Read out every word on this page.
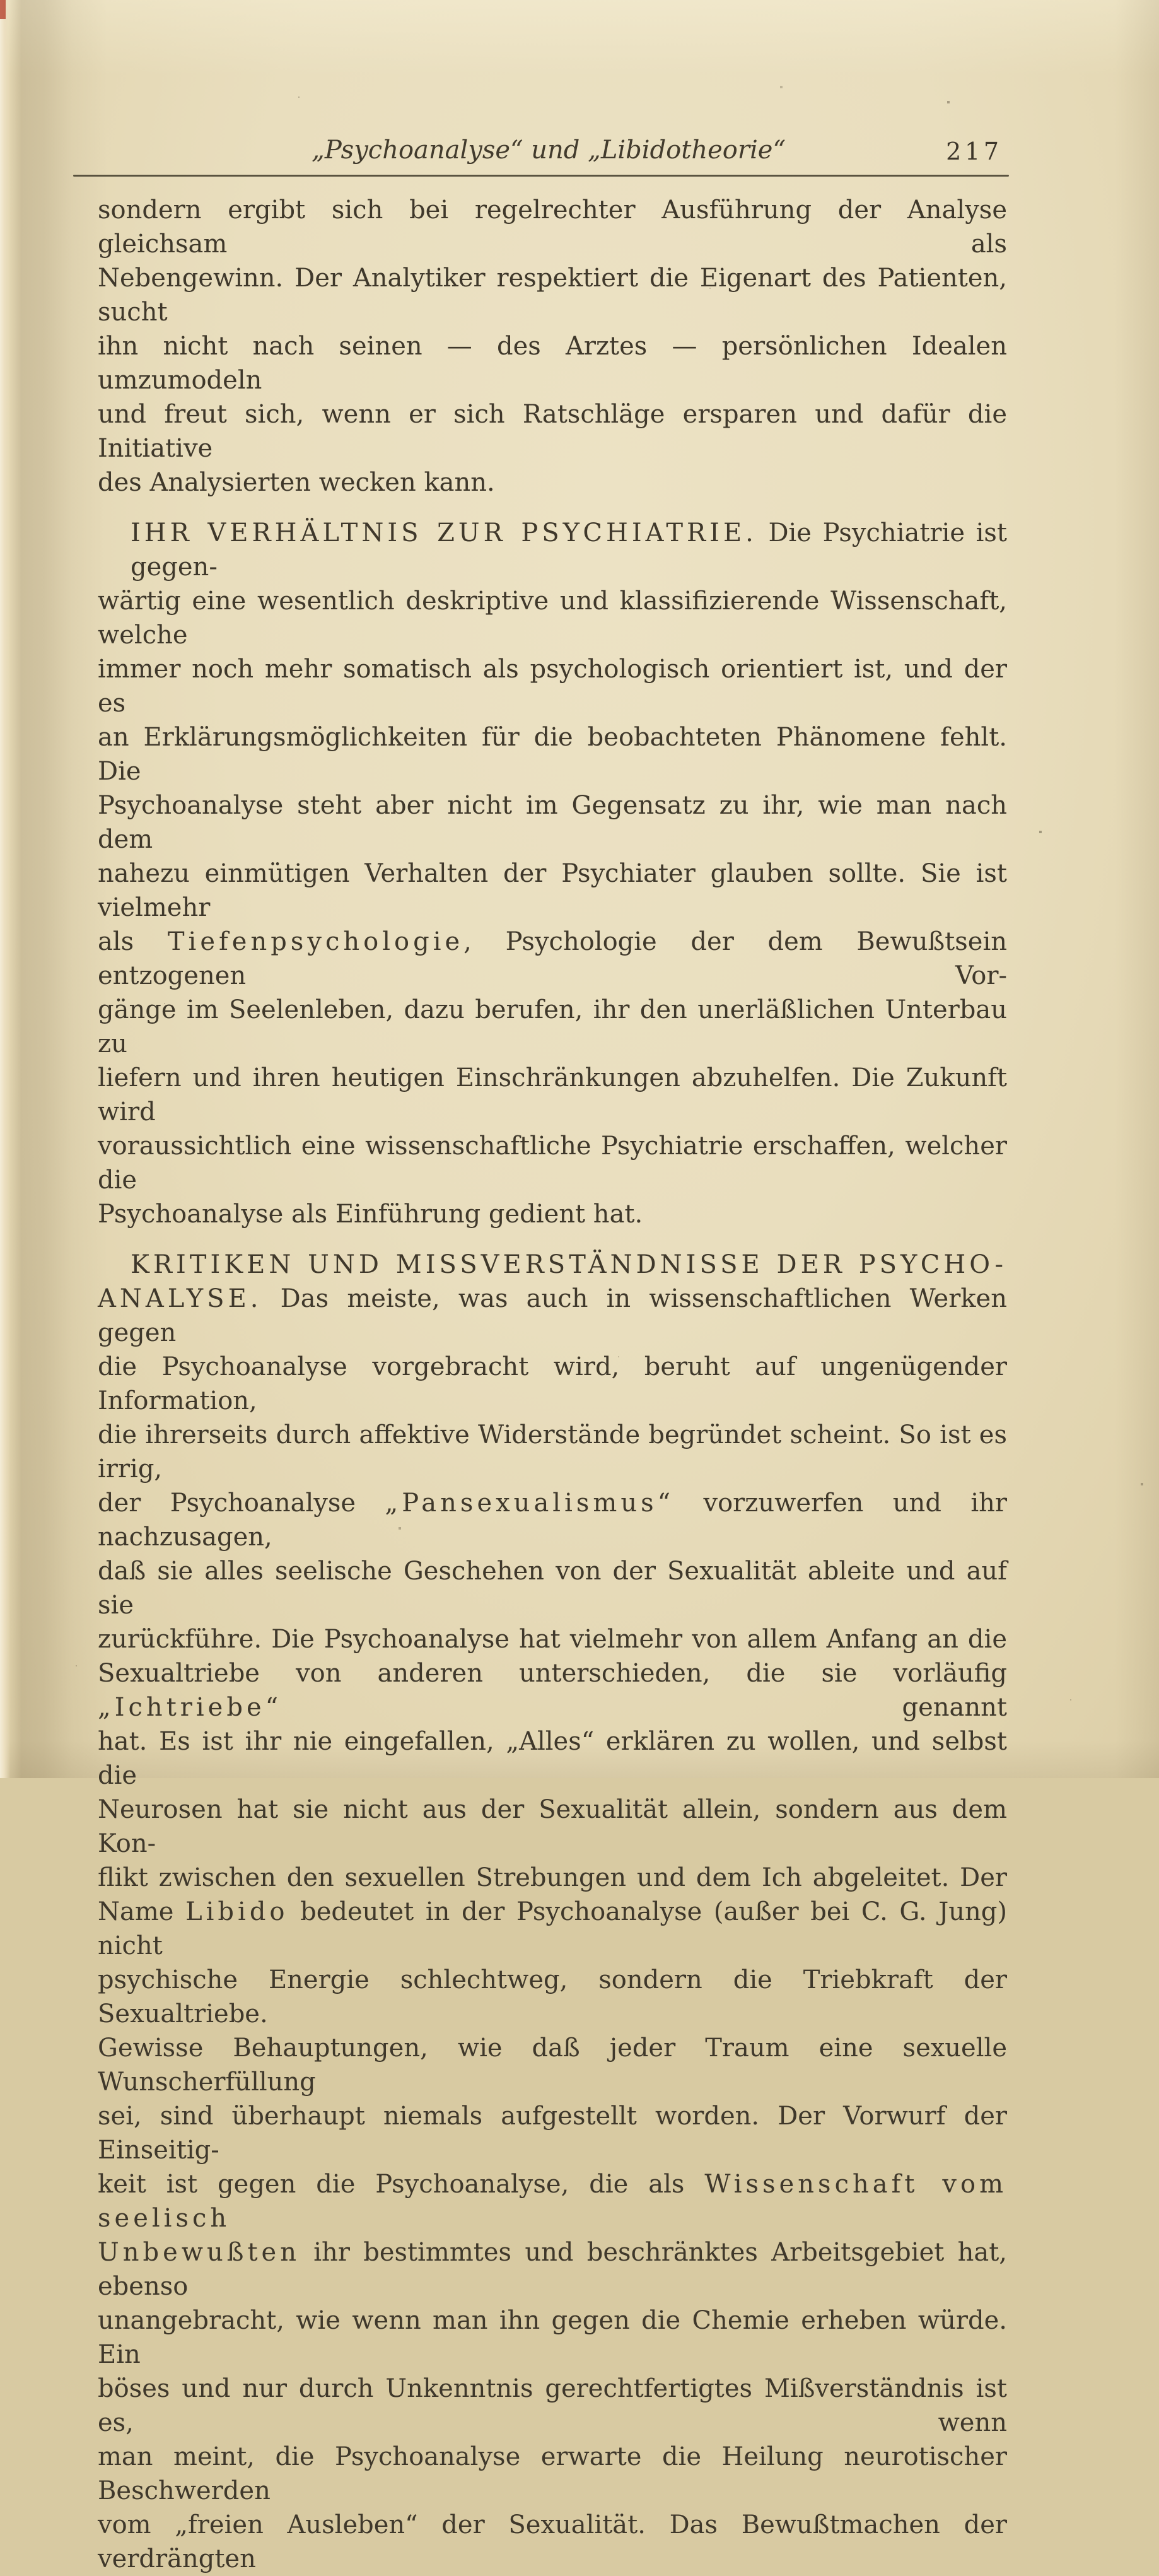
„Psychoanalyse“ und „Libidotheorie“	217
sondern ergibt sich bei regelrechter Ausführung der Analyse gleichsam als
Nebengewinn. Der Analytiker respektiert die Eigenart des Patienten, sucht
ihn nicht nach seinen — des Arztes — persönlichen Idealen umzumodeln
und freut sich, wenn er sich Ratschläge ersparen und dafür die Initiative
des Analysierten wecken kann.
IHR VERHÄLTNIS ZUR PSYCHIATRIE. Die Psychiatrie ist gegen-
wärtig eine wesentlich deskriptive und klassifizierende Wissenschaft, welche
immer noch mehr somatisch als psychologisch orientiert ist, und der es
an Erklärungsmöglichkeiten für die beobachteten Phänomene fehlt. Die
Psychoanalyse steht aber nicht im Gegensatz zu ihr, wie man nach dem
nahezu einmütigen Verhalten der Psychiater glauben sollte. Sie ist vielmehr
als Tiefenpsychologie, Psychologie der dem Bewußtsein entzogenen Vor-
gänge im Seelenleben, dazu berufen, ihr den unerläßlichen Unterbau zu
liefern und ihren heutigen Einschränkungen abzuhelfen. Die Zukunft wird
voraussichtlich eine wissenschaftliche Psychiatrie erschaffen, welcher die
Psychoanalyse als Einführung gedient hat.
KRITIKEN UND MISSVERSTÄNDNISSE DER PSYCHO-
ANALYSE. Das meiste, was auch in wissenschaftlichen Werken gegen
die Psychoanalyse vorgebracht wird, beruht auf ungenügender Information,
die ihrerseits durch affektive Widerstände begründet scheint. So ist es irrig,
der Psychoanalyse „Pansexualismus“ vorzuwerfen und ihr nachzusagen,
daß sie alles seelische Geschehen von der Sexualität ableite und auf sie
zurückführe. Die Psychoanalyse hat vielmehr von allem Anfang an die
Sexualtriebe von anderen unterschieden, die sie vorläufig „Ichtriebe“ genannt
hat. Es ist ihr nie eingefallen, „Alles“ erklären zu wollen, und selbst die
Neurosen hat sie nicht aus der Sexualität allein, sondern aus dem Kon-
flikt zwischen den sexuellen Strebungen und dem Ich abgeleitet. Der
Name Libido bedeutet in der Psychoanalyse (außer bei C. G. Jung) nicht
psychische Energie schlechtweg, sondern die Triebkraft der Sexualtriebe.
Gewisse Behauptungen, wie daß jeder Traum eine sexuelle Wunscherfüllung
sei, sind überhaupt niemals aufgestellt worden. Der Vorwurf der Einseitig-
keit ist gegen die Psychoanalyse, die als Wissenschaft vom seelisch
Unbewußten ihr bestimmtes und beschränktes Arbeitsgebiet hat, ebenso
unangebracht, wie wenn man ihn gegen die Chemie erheben würde. Ein
böses und nur durch Unkenntnis gerechtfertigtes Mißverständnis ist es, wenn
man meint, die Psychoanalyse erwarte die Heilung neurotischer Beschwerden
vom „freien Ausleben“ der Sexualität. Das Bewußtmachen der verdrängten
